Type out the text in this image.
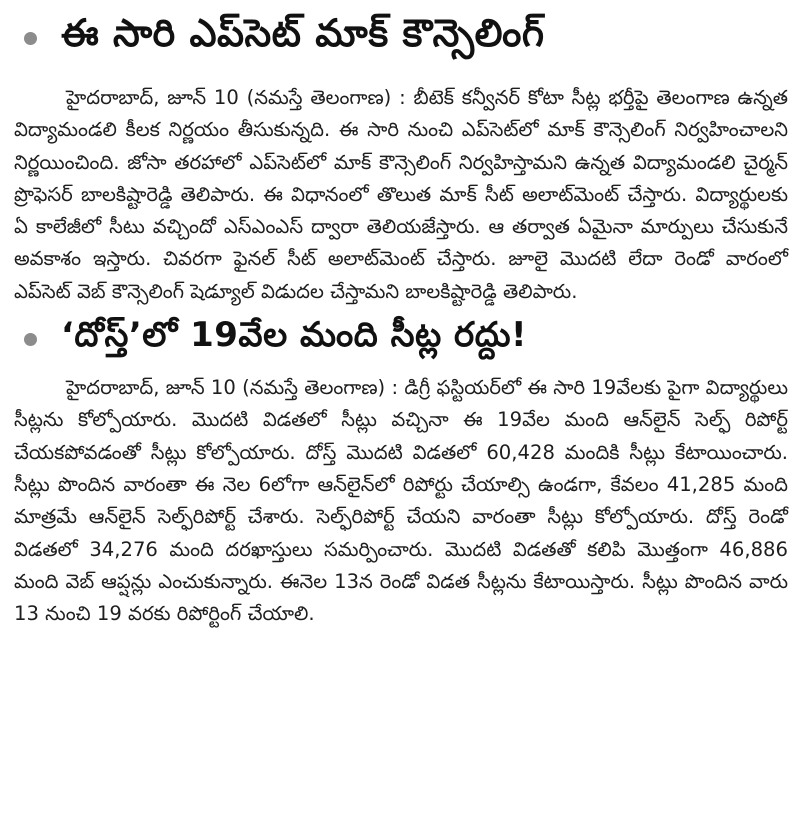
ఈ సారి ఎప్‌సెట్ మాక్ కౌన్సెలింగ్

హైదరాబాద్, జూన్ 10 (నమస్తే తెలంగాణ) : బీటెక్ కన్వీనర్ కోటా సీట్ల భర్తీపై తెలంగాణ ఉన్నత విద్యామండలి కీలక నిర్ణయం తీసుకున్నది. ఈ సారి నుంచి ఎప్‌సెట్‌లో మాక్ కౌన్సెలింగ్ నిర్వహించాలని నిర్ణయించింది. జోసా తరహాలో ఎప్‌సెట్‌లో మాక్ కౌన్సెలింగ్ నిర్వహిస్తామని ఉన్నత విద్యామండలి చైర్మన్ ప్రొఫెసర్ బాలకిష్టారెడ్డి తెలిపారు. ఈ విధానంలో తొలుత మాక్ సీట్ అలాట్‌మెంట్ చేస్తారు. విద్యార్థులకు ఏ కాలేజీలో సీటు వచ్చిందో ఎస్‌ఎంఎస్ ద్వారా తెలియజేస్తారు. ఆ తర్వాత ఏమైనా మార్పులు చేసుకునే అవకాశం ఇస్తారు. చివరగా ఫైనల్ సీట్ అలాట్‌మెంట్ చేస్తారు. జూలై మొదటి లేదా రెండో వారంలో ఎప్‌సెట్ వెబ్ కౌన్సెలింగ్ షెడ్యూల్ విడుదల చేస్తామని బాలకిష్టారెడ్డి తెలిపారు.

‘దోస్త్’లో 19వేల మంది సీట్ల రద్దు!

హైదరాబాద్, జూన్ 10 (నమస్తే తెలంగాణ) : డిగ్రీ ఫస్టియర్‌లో ఈ సారి 19వేలకు పైగా విద్యార్థులు సీట్లను కోల్పోయారు. మొదటి విడతలో సీట్లు వచ్చినా ఈ 19వేల మంది ఆన్‌లైన్ సెల్ఫ్ రిపోర్ట్ చేయకపోవడంతో సీట్లు కోల్పోయారు. దోస్త్ మొదటి విడతలో 60,428 మందికి సీట్లు కేటాయించారు. సీట్లు పొందిన వారంతా ఈ నెల 6లోగా ఆన్‌లైన్‌లో రిపోర్టు చేయాల్సి ఉండగా, కేవలం 41,285 మంది మాత్రమే ఆన్‌లైన్ సెల్ఫ్‌రిపోర్ట్ చేశారు. సెల్ఫ్‌రిపోర్ట్ చేయని వారంతా సీట్లు కోల్పోయారు. దోస్త్ రెండో విడతలో 34,276 మంది దరఖాస్తులు సమర్పించారు. మొదటి విడతతో కలిపి మొత్తంగా 46,886 మంది వెబ్ ఆప్షన్లు ఎంచుకున్నారు. ఈనెల 13న రెండో విడత సీట్లను కేటాయిస్తారు. సీట్లు పొందిన వారు 13 నుంచి 19 వరకు రిపోర్టింగ్ చేయాలి.
